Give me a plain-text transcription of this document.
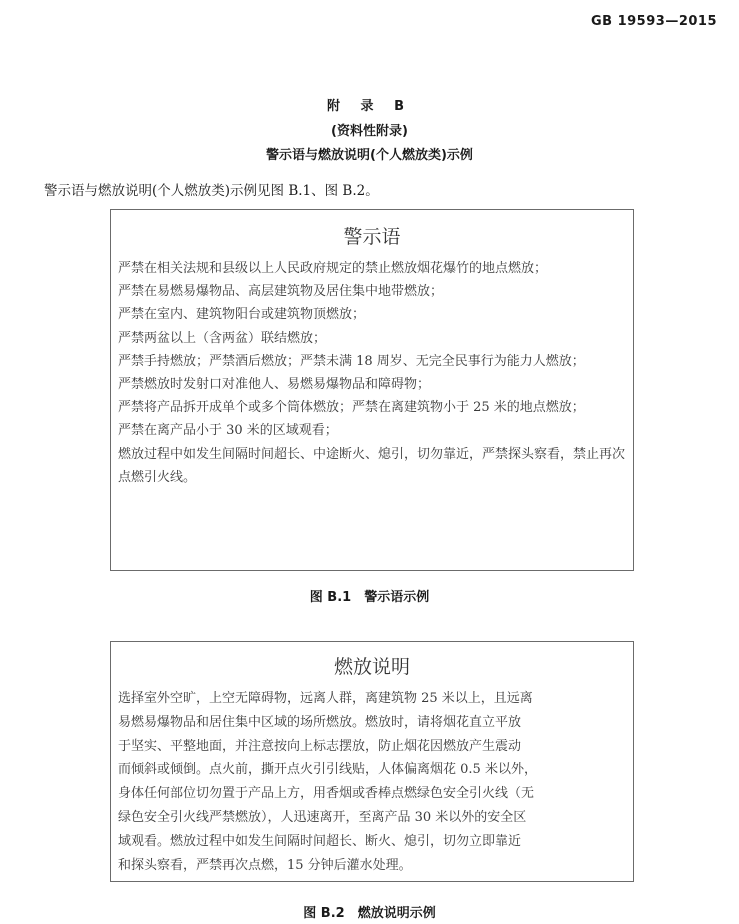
GB 19593—2015
附 录 B
(资料性附录)
警示语与燃放说明(个人燃放类)示例
警示语与燃放说明(个人燃放类)示例见图 B.1、图 B.2。
警示语
严禁在相关法规和县级以上人民政府规定的禁止燃放烟花爆竹的地点燃放；
严禁在易燃易爆物品、高层建筑物及居住集中地带燃放；
严禁在室内、建筑物阳台或建筑物顶燃放；
严禁两盆以上（含两盆）联结燃放；
严禁手持燃放；严禁酒后燃放；严禁未满 18 周岁、无完全民事行为能力人燃放；
严禁燃放时发射口对准他人、易燃易爆物品和障碍物；
严禁将产品拆开成单个或多个筒体燃放；严禁在离建筑物小于 25 米的地点燃放；
严禁在离产品小于 30 米的区域观看；
燃放过程中如发生间隔时间超长、中途断火、熄引，切勿靠近，严禁探头察看，禁止再次点燃引火线。
图 B.1　警示语示例
燃放说明
选择室外空旷，上空无障碍物，远离人群，离建筑物 25 米以上，且远离
易燃易爆物品和居住集中区域的场所燃放。燃放时，请将烟花直立平放
于坚实、平整地面，并注意按向上标志摆放，防止烟花因燃放产生震动
而倾斜或倾倒。点火前，撕开点火引引线贴，人体偏离烟花 0.5 米以外，
身体任何部位切勿置于产品上方，用香烟或香棒点燃绿色安全引火线（无
绿色安全引火线严禁燃放），人迅速离开，至离产品 30 米以外的安全区
域观看。燃放过程中如发生间隔时间超长、断火、熄引，切勿立即靠近
和探头察看，严禁再次点燃，15 分钟后灌水处理。
图 B.2　燃放说明示例
